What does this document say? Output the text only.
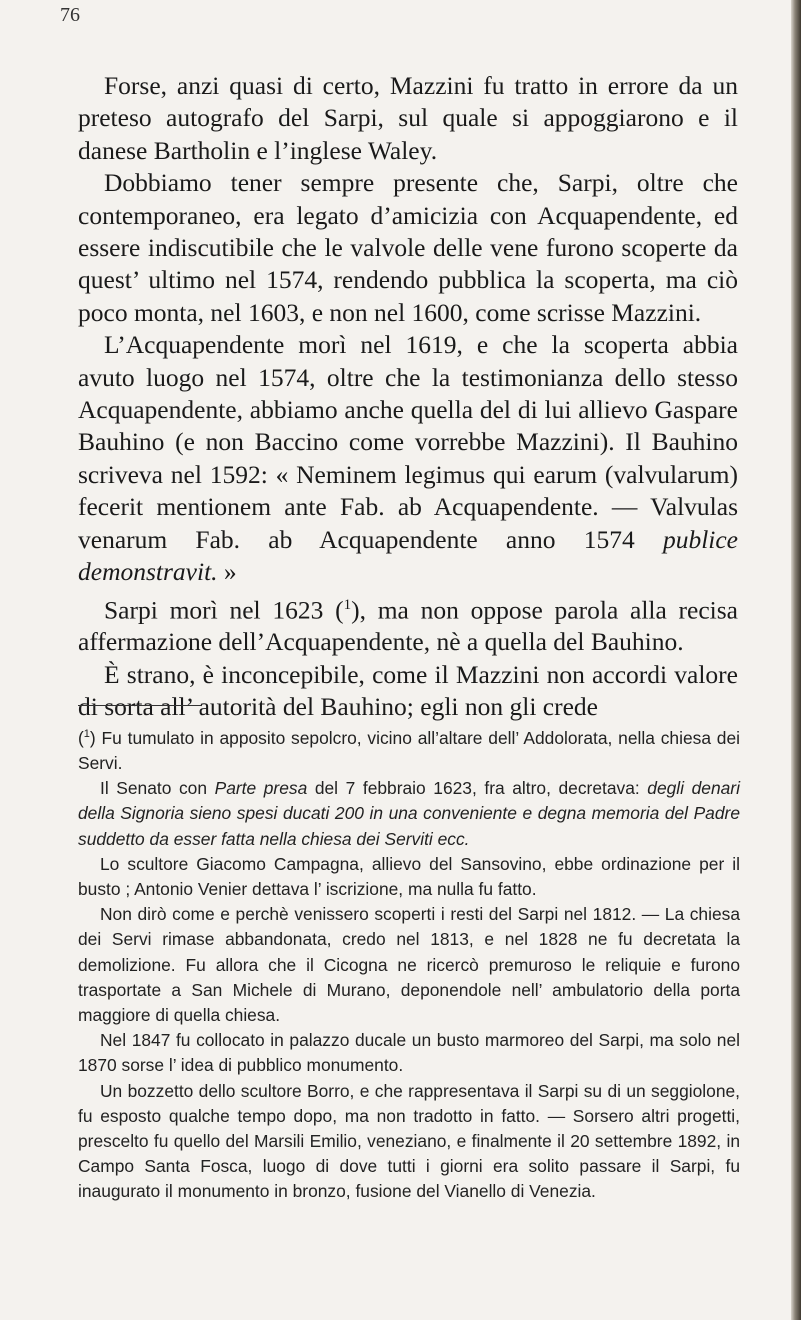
76

Forse, anzi quasi di certo, Mazzini fu tratto in errore da un preteso autografo del Sarpi, sul quale si appoggiarono e il danese Bartholin e l’inglese Waley.

Dobbiamo tener sempre presente che, Sarpi, oltre che contemporaneo, era legato d’amicizia con Acquapendente, ed essere indiscutibile che le valvole delle vene furono scoperte da quest’ ultimo nel 1574, rendendo pubblica la scoperta, ma ciò poco monta, nel 1603, e non nel 1600, come scrisse Mazzini.

L’Acquapendente morì nel 1619, e che la scoperta abbia avuto luogo nel 1574, oltre che la testimonianza dello stesso Acquapendente, abbiamo anche quella del di lui allievo Gaspare Bauhino (e non Baccino come vorrebbe Mazzini). Il Bauhino scriveva nel 1592: « Neminem legimus qui earum (valvularum) fecerit mentionem ante Fab. ab Acquapendente. — Valvulas venarum Fab. ab Acquapendente anno 1574 publice demonstravit. »

Sarpi morì nel 1623 ($^1$), ma non oppose parola alla recisa affermazione dell’Acquapendente, nè a quella del Bauhino.

È strano, è inconcepibile, come il Mazzini non accordi valore di sorta all’ autorità del Bauhino; egli non gli crede

($^1$) Fu tumulato in apposito sepolcro, vicino all’altare dell’ Addolorata, nella chiesa dei Servi.

Il Senato con Parte presa del 7 febbraio 1623, fra altro, decretava: degli denari della Signoria sieno spesi ducati 200 in una conveniente e degna memoria del Padre suddetto da esser fatta nella chiesa dei Serviti ecc.

Lo scultore Giacomo Campagna, allievo del Sansovino, ebbe ordinazione per il busto ; Antonio Venier dettava l’ iscrizione, ma nulla fu fatto.

Non dirò come e perchè venissero scoperti i resti del Sarpi nel 1812. — La chiesa dei Servi rimase abbandonata, credo nel 1813, e nel 1828 ne fu decretata la demolizione. Fu allora che il Cicogna ne ricercò premuroso le reliquie e furono trasportate a San Michele di Murano, deponendole nell’ ambulatorio della porta maggiore di quella chiesa.

Nel 1847 fu collocato in palazzo ducale un busto marmoreo del Sarpi, ma solo nel 1870 sorse l’ idea di pubblico monumento.

Un bozzetto dello scultore Borro, e che rappresentava il Sarpi su di un seggiolone, fu esposto qualche tempo dopo, ma non tradotto in fatto. — Sorsero altri progetti, prescelto fu quello del Marsili Emilio, veneziano, e finalmente il 20 settembre 1892, in Campo Santa Fosca, luogo di dove tutti i giorni era solito passare il Sarpi, fu inaugurato il monumento in bronzo, fusione del Vianello di Venezia.
